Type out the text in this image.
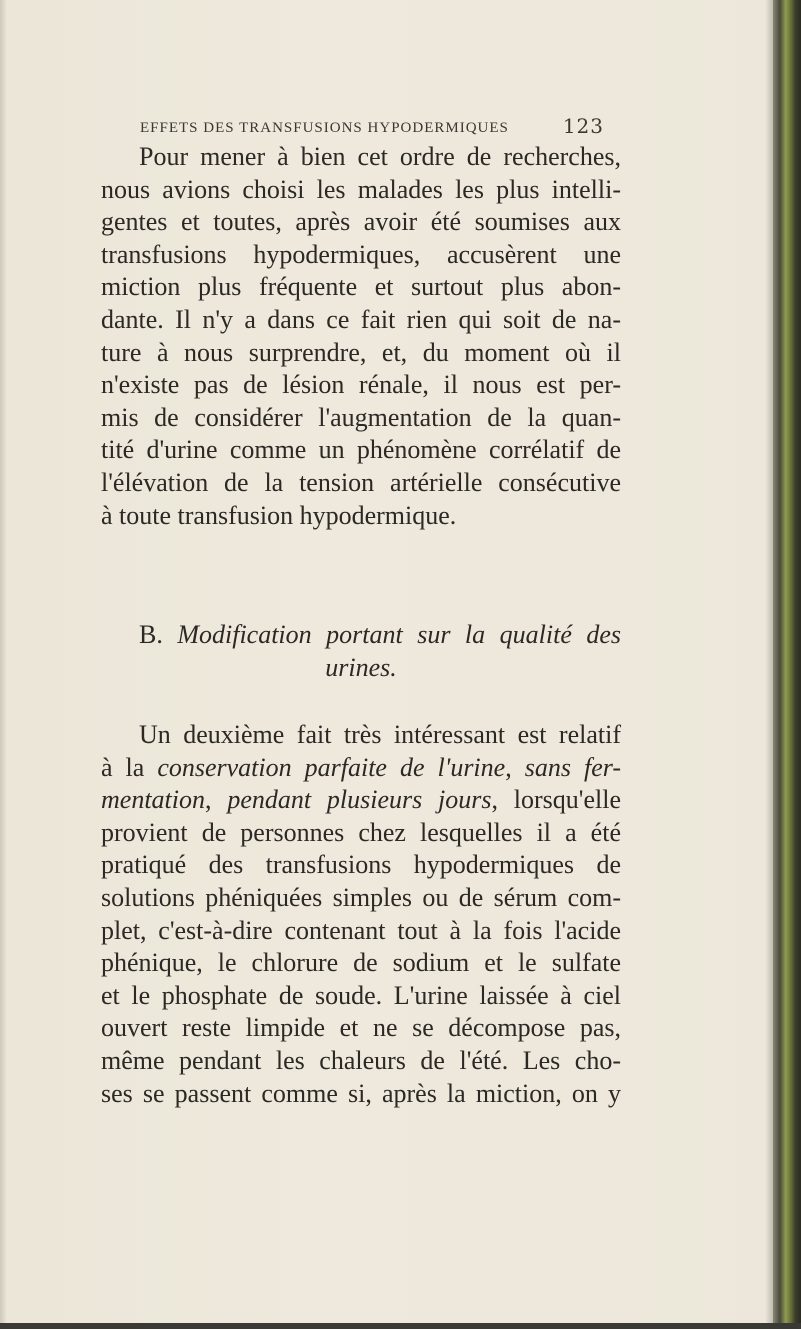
EFFETS DES TRANSFUSIONS HYPODERMIQUES	123
Pour mener à bien cet ordre de recherches,
nous avions choisi les malades les plus intelli-
gentes et toutes, après avoir été soumises aux
transfusions hypodermiques, accusèrent une
miction plus fréquente et surtout plus abon-
dante. Il n'y a dans ce fait rien qui soit de na-
ture à nous surprendre, et, du moment où il
n'existe pas de lésion rénale, il nous est per-
mis de considérer l'augmentation de la quan-
tité d'urine comme un phénomène corrélatif de
l'élévation de la tension artérielle consécutive
à toute transfusion hypodermique.
B. Modification portant sur la qualité des
urines.
Un deuxième fait très intéressant est relatif
à la conservation parfaite de l'urine, sans fer-
mentation, pendant plusieurs jours, lorsqu'elle
provient de personnes chez lesquelles il a été
pratiqué des transfusions hypodermiques de
solutions phéniquées simples ou de sérum com-
plet, c'est-à-dire contenant tout à la fois l'acide
phénique, le chlorure de sodium et le sulfate
et le phosphate de soude. L'urine laissée à ciel
ouvert reste limpide et ne se décompose pas,
même pendant les chaleurs de l'été. Les cho-
ses se passent comme si, après la miction, on y
